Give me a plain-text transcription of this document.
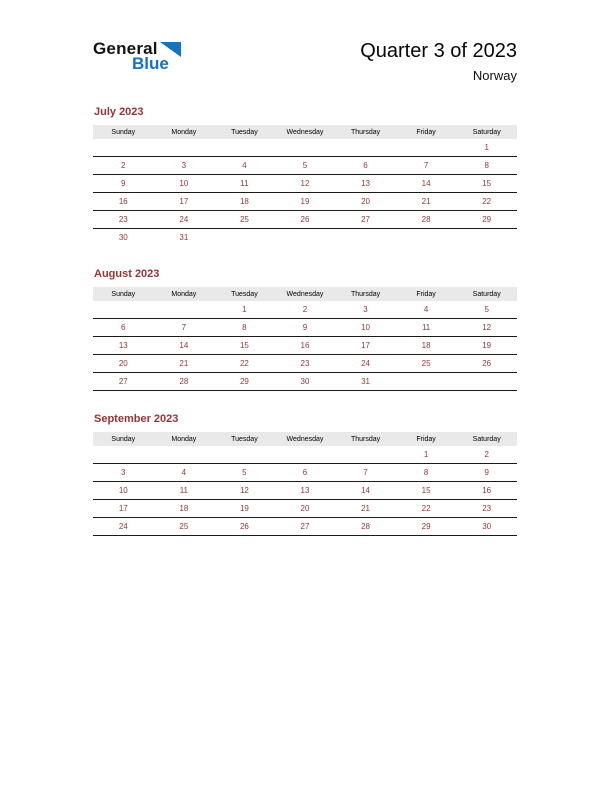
General
Blue
Quarter 3 of 2023
Norway
July 2023
Sunday	Monday	Tuesday	Wednesday	Thursday	Friday	Saturday
						1
2	3	4	5	6	7	8
9	10	11	12	13	14	15
16	17	18	19	20	21	22
23	24	25	26	27	28	29
30	31					
August 2023
Sunday	Monday	Tuesday	Wednesday	Thursday	Friday	Saturday
		1	2	3	4	5
6	7	8	9	10	11	12
13	14	15	16	17	18	19
20	21	22	23	24	25	26
27	28	29	30	31		
September 2023
Sunday	Monday	Tuesday	Wednesday	Thursday	Friday	Saturday
					1	2
3	4	5	6	7	8	9
10	11	12	13	14	15	16
17	18	19	20	21	22	23
24	25	26	27	28	29	30
